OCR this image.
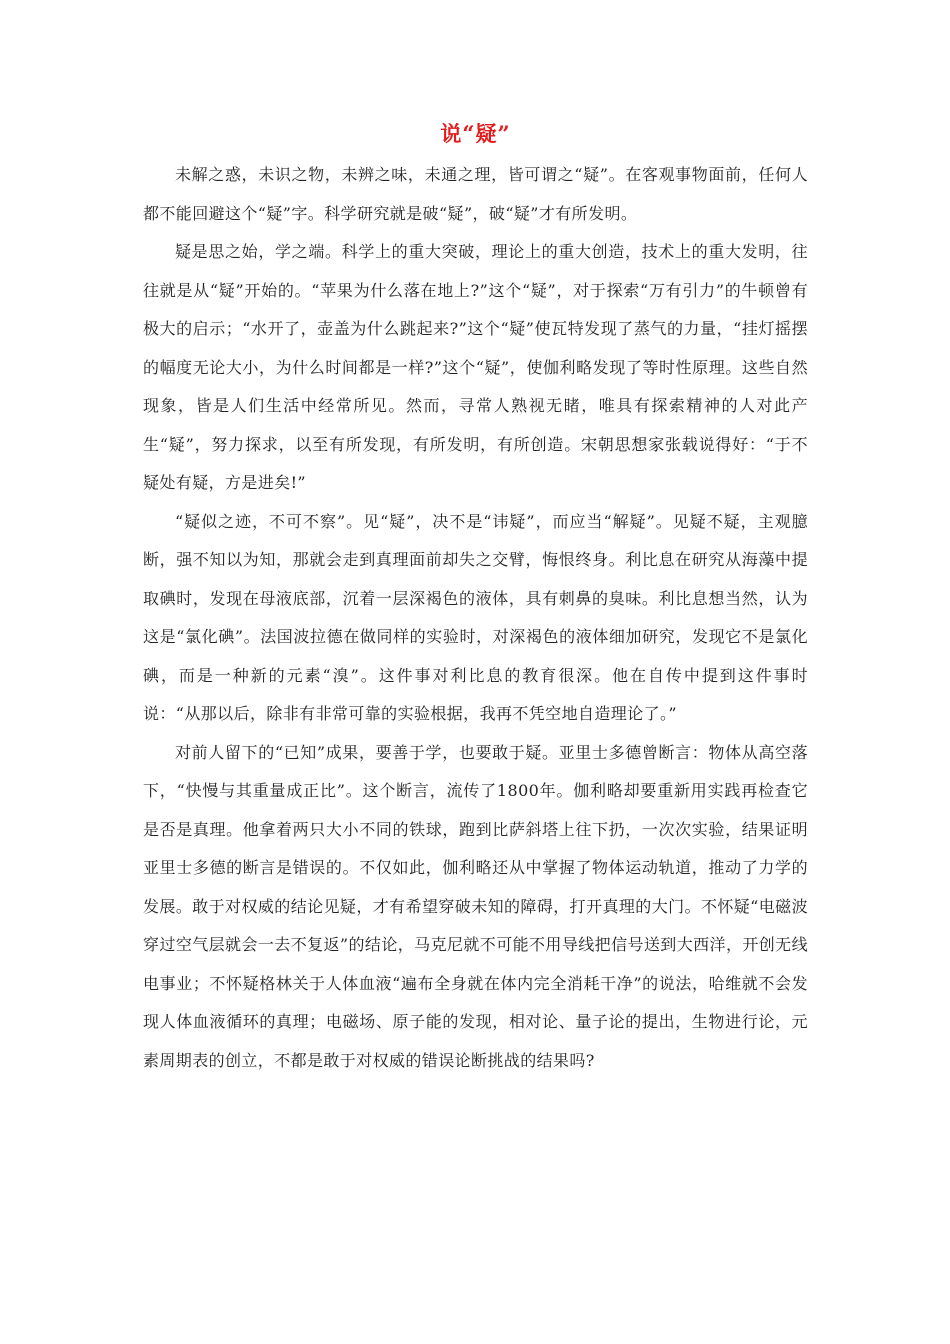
说“疑”

未解之惑，未识之物，未辨之味，未通之理，皆可谓之“疑”。在客观事物面前，任何人都不能回避这个“疑”字。科学研究就是破“疑”，破“疑”才有所发明。

疑是思之始，学之端。科学上的重大突破，理论上的重大创造，技术上的重大发明，往往就是从“疑”开始的。“苹果为什么落在地上?”这个“疑”，对于探索“万有引力”的牛顿曾有极大的启示；“水开了，壶盖为什么跳起来?”这个“疑”使瓦特发现了蒸气的力量，“挂灯摇摆的幅度无论大小，为什么时间都是一样?”这个“疑”，使伽利略发现了等时性原理。这些自然现象，皆是人们生活中经常所见。然而，寻常人熟视无睹，唯具有探索精神的人对此产生“疑”，努力探求，以至有所发现，有所发明，有所创造。宋朝思想家张载说得好：“于不疑处有疑，方是进矣!”

“疑似之迹，不可不察”。见“疑”，决不是“讳疑”，而应当“解疑”。见疑不疑，主观臆断，强不知以为知，那就会走到真理面前却失之交臂，悔恨终身。利比息在研究从海藻中提取碘时，发现在母液底部，沉着一层深褐色的液体，具有刺鼻的臭味。利比息想当然，认为这是“氯化碘”。法国波拉德在做同样的实验时，对深褐色的液体细加研究，发现它不是氯化碘，而是一种新的元素“溴”。这件事对利比息的教育很深。他在自传中提到这件事时说：“从那以后，除非有非常可靠的实验根据，我再不凭空地自造理论了。”

对前人留下的“已知”成果，要善于学，也要敢于疑。亚里士多德曾断言：物体从高空落下，“快慢与其重量成正比”。这个断言，流传了1800年。伽利略却要重新用实践再检查它是否是真理。他拿着两只大小不同的铁球，跑到比萨斜塔上往下扔，一次次实验，结果证明亚里士多德的断言是错误的。不仅如此，伽利略还从中掌握了物体运动轨道，推动了力学的发展。敢于对权威的结论见疑，才有希望穿破未知的障碍，打开真理的大门。不怀疑“电磁波穿过空气层就会一去不复返”的结论，马克尼就不可能不用导线把信号送到大西洋，开创无线电事业；不怀疑格林关于人体血液“遍布全身就在体内完全消耗干净”的说法，哈维就不会发现人体血液循环的真理；电磁场、原子能的发现，相对论、量子论的提出，生物进行论，元素周期表的创立，不都是敢于对权威的错误论断挑战的结果吗?
